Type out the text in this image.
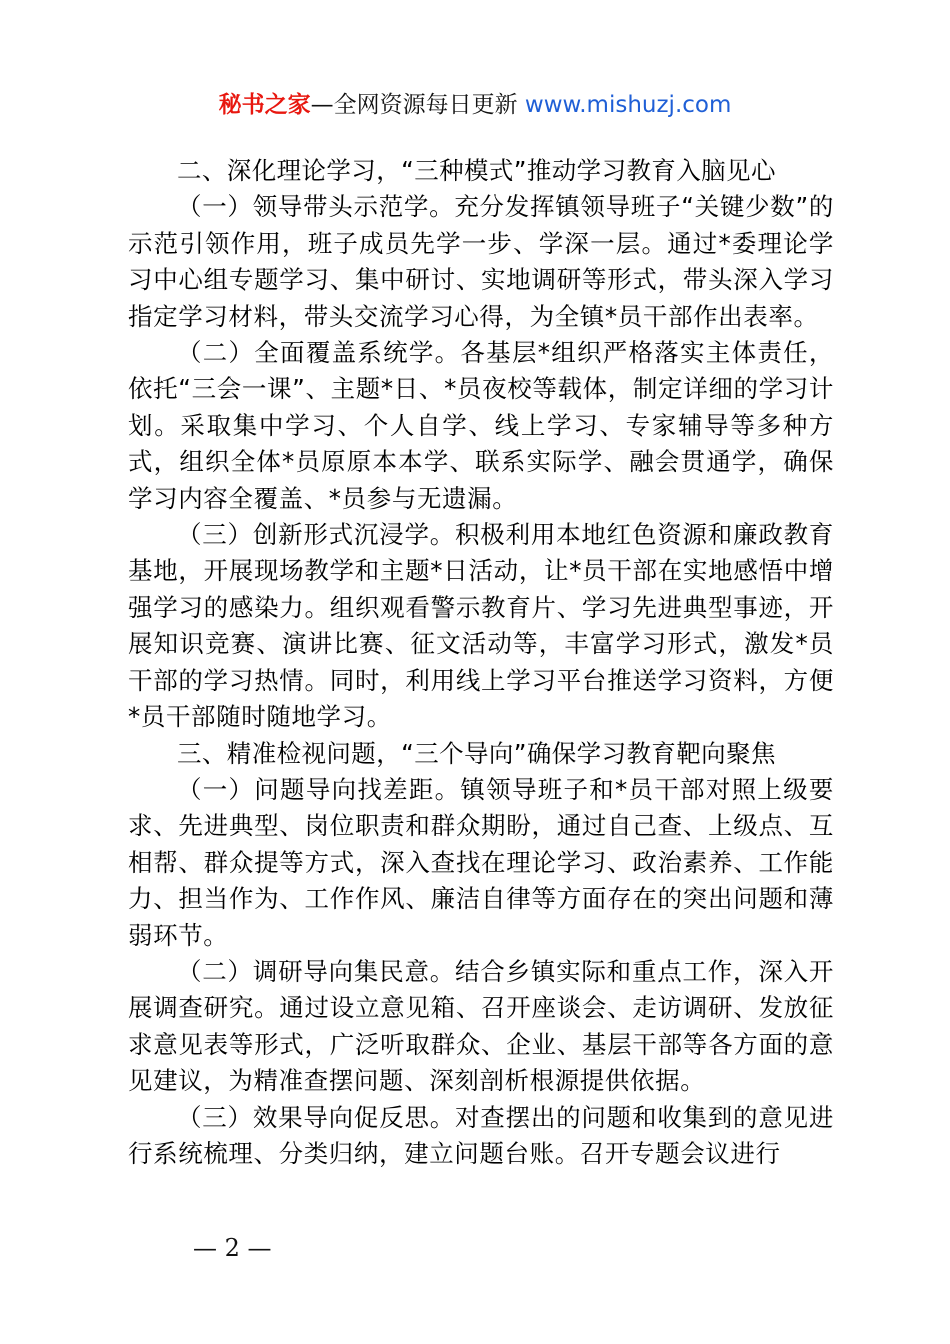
秘书之家—全网资源每日更新 www.mishuzj.com

二、深化理论学习，“三种模式”推动学习教育入脑见心

（一）领导带头示范学。充分发挥镇领导班子“关键少数”的示范引领作用，班子成员先学一步、学深一层。通过*委理论学习中心组专题学习、集中研讨、实地调研等形式，带头深入学习指定学习材料，带头交流学习心得，为全镇*员干部作出表率。

（二）全面覆盖系统学。各基层*组织严格落实主体责任，依托“三会一课”、主题*日、*员夜校等载体，制定详细的学习计划。采取集中学习、个人自学、线上学习、专家辅导等多种方式，组织全体*员原原本本学、联系实际学、融会贯通学，确保学习内容全覆盖、*员参与无遗漏。

（三）创新形式沉浸学。积极利用本地红色资源和廉政教育基地，开展现场教学和主题*日活动，让*员干部在实地感悟中增强学习的感染力。组织观看警示教育片、学习先进典型事迹，开展知识竞赛、演讲比赛、征文活动等，丰富学习形式，激发*员干部的学习热情。同时，利用线上学习平台推送学习资料，方便*员干部随时随地学习。

三、精准检视问题，“三个导向”确保学习教育靶向聚焦

（一）问题导向找差距。镇领导班子和*员干部对照上级要求、先进典型、岗位职责和群众期盼，通过自己查、上级点、互相帮、群众提等方式，深入查找在理论学习、政治素养、工作能力、担当作为、工作作风、廉洁自律等方面存在的突出问题和薄弱环节。

（二）调研导向集民意。结合乡镇实际和重点工作，深入开展调查研究。通过设立意见箱、召开座谈会、走访调研、发放征求意见表等形式，广泛听取群众、企业、基层干部等各方面的意见建议，为精准查摆问题、深刻剖析根源提供依据。

（三）效果导向促反思。对查摆出的问题和收集到的意见进行系统梳理、分类归纳，建立问题台账。召开专题会议进行

— 2 —
